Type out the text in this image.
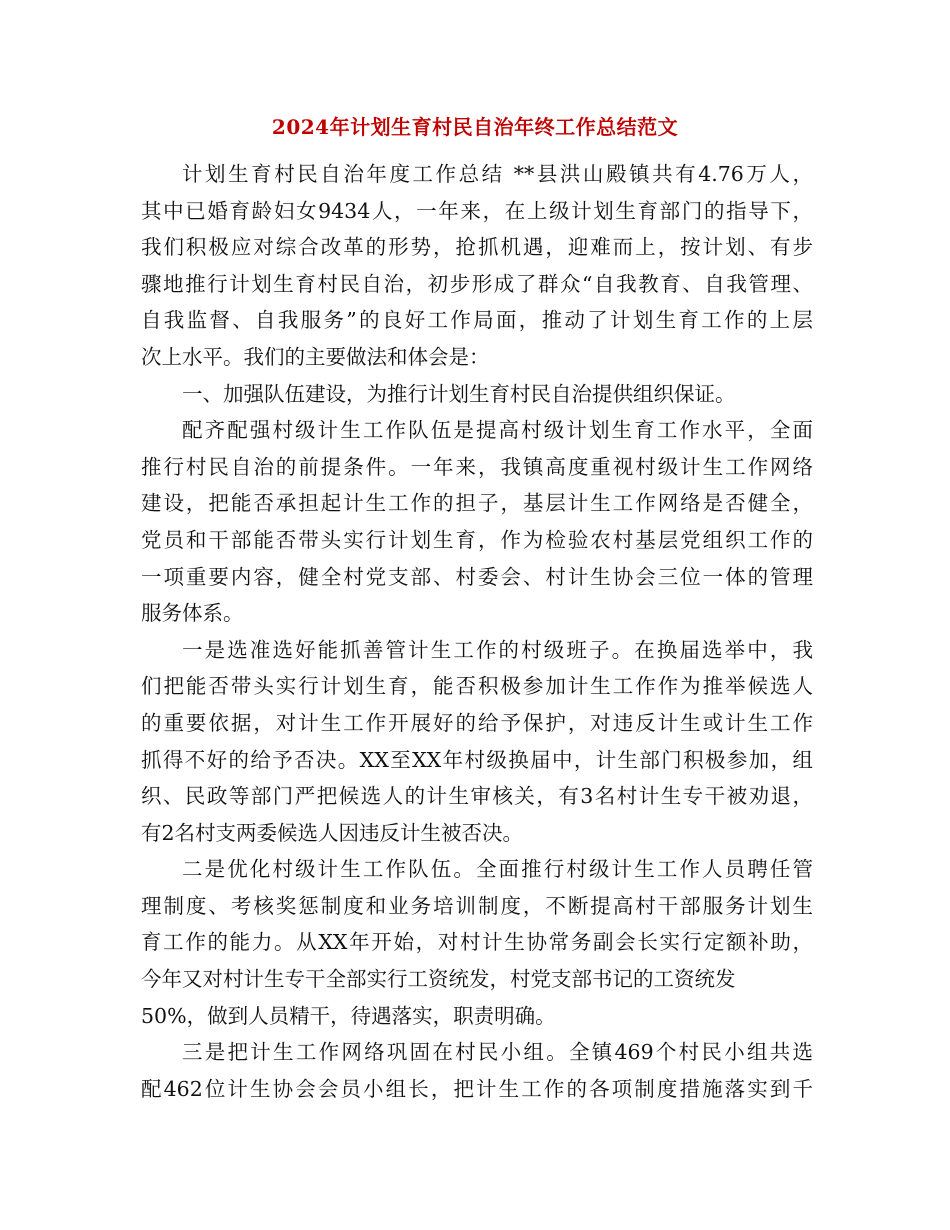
2024年计划生育村民自治年终工作总结范文
计划生育村民自治年度工作总结 **县洪山殿镇共有4.76万人，
其中已婚育龄妇女9434人，一年来，在上级计划生育部门的指导下，
我们积极应对综合改革的形势，抢抓机遇，迎难而上，按计划、有步
骤地推行计划生育村民自治，初步形成了群众“自我教育、自我管理、
自我监督、自我服务”的良好工作局面，推动了计划生育工作的上层
次上水平。我们的主要做法和体会是：
一、加强队伍建设，为推行计划生育村民自治提供组织保证。
配齐配强村级计生工作队伍是提高村级计划生育工作水平，全面
推行村民自治的前提条件。一年来，我镇高度重视村级计生工作网络
建设，把能否承担起计生工作的担子，基层计生工作网络是否健全，
党员和干部能否带头实行计划生育，作为检验农村基层党组织工作的
一项重要内容，健全村党支部、村委会、村计生协会三位一体的管理
服务体系。
一是选准选好能抓善管计生工作的村级班子。在换届选举中，我
们把能否带头实行计划生育，能否积极参加计生工作作为推举候选人
的重要依据，对计生工作开展好的给予保护，对违反计生或计生工作
抓得不好的给予否决。XX至XX年村级换届中，计生部门积极参加，组
织、民政等部门严把候选人的计生审核关，有3名村计生专干被劝退，
有2名村支两委候选人因违反计生被否决。
二是优化村级计生工作队伍。全面推行村级计生工作人员聘任管
理制度、考核奖惩制度和业务培训制度，不断提高村干部服务计划生
育工作的能力。从XX年开始，对村计生协常务副会长实行定额补助，
今年又对村计生专干全部实行工资统发，村党支部书记的工资统发
50%，做到人员精干，待遇落实，职责明确。
三是把计生工作网络巩固在村民小组。全镇469个村民小组共选
配462位计生协会会员小组长，把计生工作的各项制度措施落实到千
